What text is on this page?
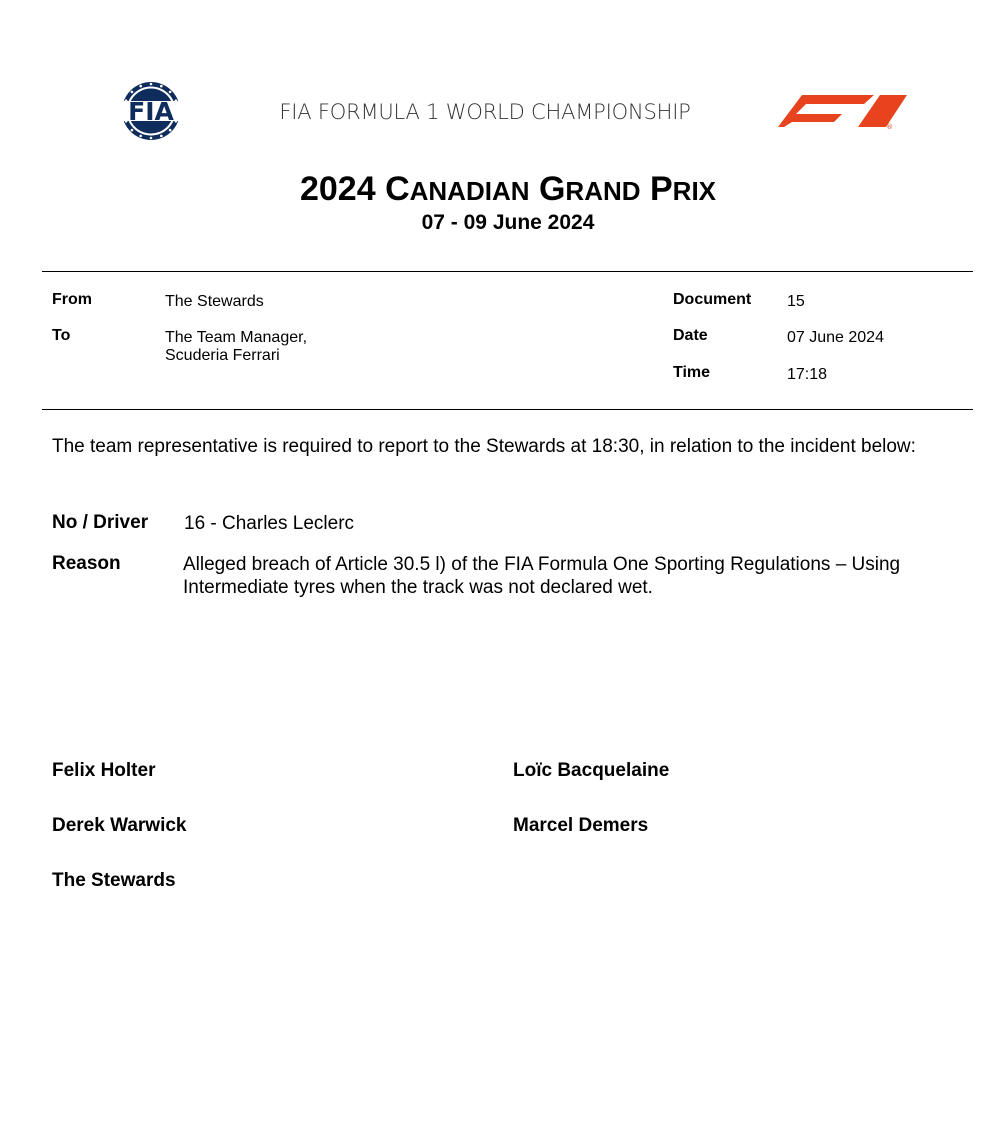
FIA	FIA FORMULA 1 WORLD CHAMPIONSHIP
®
2024 CANADIAN GRAND PRIX
07 - 09 June 2024
From	The Stewards
To	The Team Manager,
Scuderia Ferrari
Document 15
Date	07 June 2024
Time	17:18
The team representative is required to report to the Stewards at 18:30, in relation to the incident below:
No / Driver 16 - Charles Leclerc
Reason	Alleged breach of Article 30.5 l) of the FIA Formula One Sporting Regulations – Using Intermediate tyres when the track was not declared wet.
Felix Holter	Loïc Bacquelaine
Derek Warwick	Marcel Demers
The Stewards
